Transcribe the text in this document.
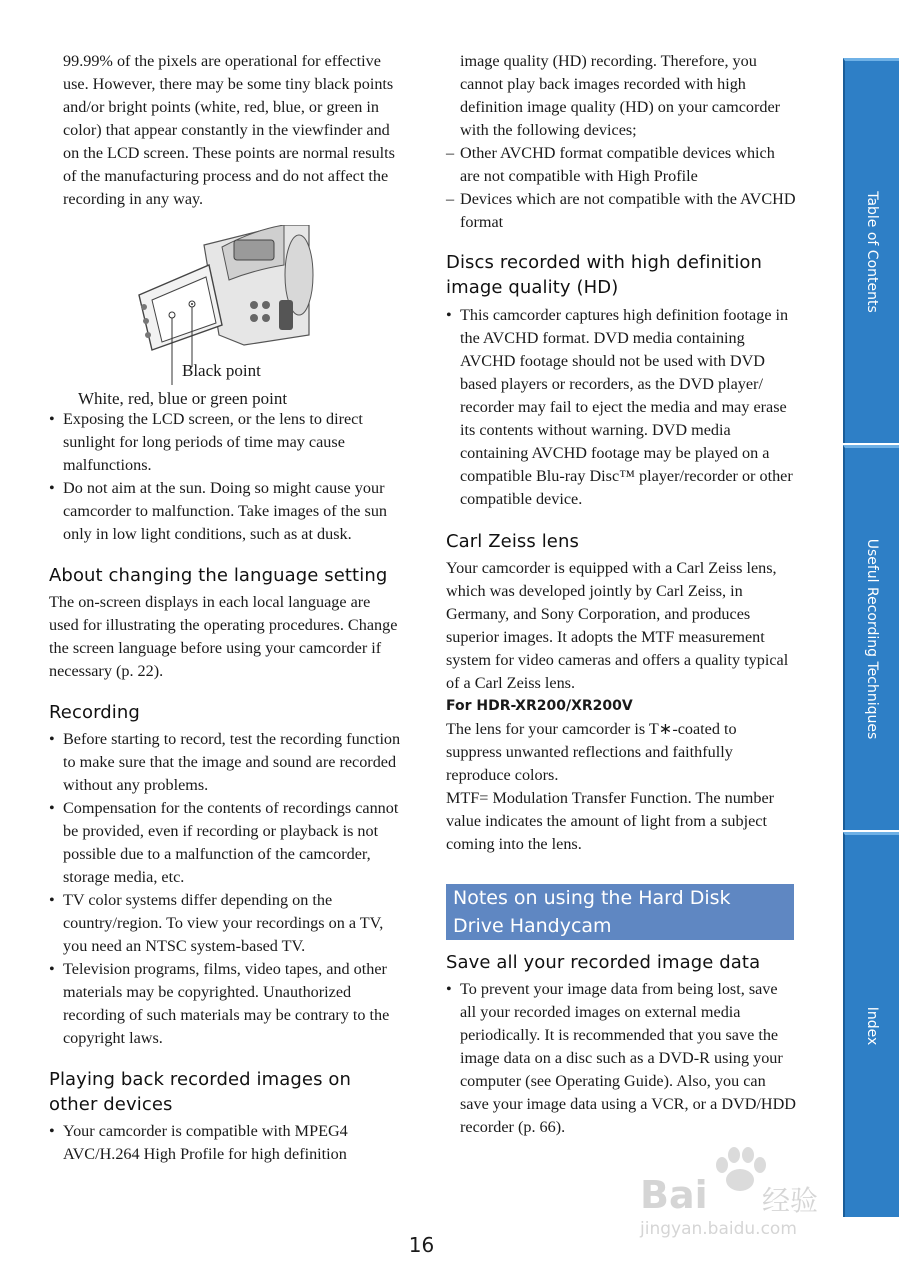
99.99% of the pixels are operational for effective use. However, there may be some tiny black points and/or bright points (white, red, blue, or green in color) that appear constantly in the viewfinder and on the LCD screen. These points are normal results of the manufacturing process and do not affect the recording in any way.

Black point
White, red, blue or green point
• Exposing the LCD screen, or the lens to direct sunlight for long periods of time may cause malfunctions.
• Do not aim at the sun. Doing so might cause your camcorder to malfunction. Take images of the sun only in low light conditions, such as at dusk.
About changing the language setting

The on-screen displays in each local language are used for illustrating the operating procedures. Change the screen language before using your camcorder if necessary (p. 22).

Recording
• Before starting to record, test the recording function to make sure that the image and sound are recorded without any problems.
• Compensation for the contents of recordings cannot be provided, even if recording or playback is not possible due to a malfunction of the camcorder, storage media, etc.
• TV color systems differ depending on the country/region. To view your recordings on a TV, you need an NTSC system-based TV.
• Television programs, films, video tapes, and other materials may be copyrighted. Unauthorized recording of such materials may be contrary to the copyright laws.
Playing back recorded images on other devices
• Your camcorder is compatible with MPEG4 AVC/H.264 High Profile for high definition

image quality (HD) recording. Therefore, you cannot play back images recorded with high definition image quality (HD) on your camcorder with the following devices;

– Other AVCHD format compatible devices which are not compatible with High Profile
– Devices which are not compatible with the AVCHD format
Discs recorded with high definition image quality (HD)
• This camcorder captures high definition footage in the AVCHD format. DVD media containing AVCHD footage should not be used with DVD based players or recorders, as the DVD player/ recorder may fail to eject the media and may erase its contents without warning. DVD media containing AVCHD footage may be played on a compatible Blu-ray Disc™ player/recorder or other compatible device.
Carl Zeiss lens

Your camcorder is equipped with a Carl Zeiss lens, which was developed jointly by Carl Zeiss, in Germany, and Sony Corporation, and produces superior images. It adopts the MTF measurement system for video cameras and offers a quality typical of a Carl Zeiss lens.

For HDR-XR200/XR200V

The lens for your camcorder is T∗-coated to suppress unwanted reflections and faithfully reproduce colors.

MTF= Modulation Transfer Function. The number value indicates the amount of light from a subject coming into the lens.

Notes on using the Hard Disk Drive Handycam
Save all your recorded image data
• To prevent your image data from being lost, save all your recorded images on external media periodically. It is recommended that you save the image data on a disc such as a DVD-R using your computer (see Operating Guide). Also, you can save your image data using a VCR, or a DVD/HDD recorder (p. 66).
Table of Contents
Useful Recording Techniques
Index
16
Bai 经验
jingyan.baidu.com
